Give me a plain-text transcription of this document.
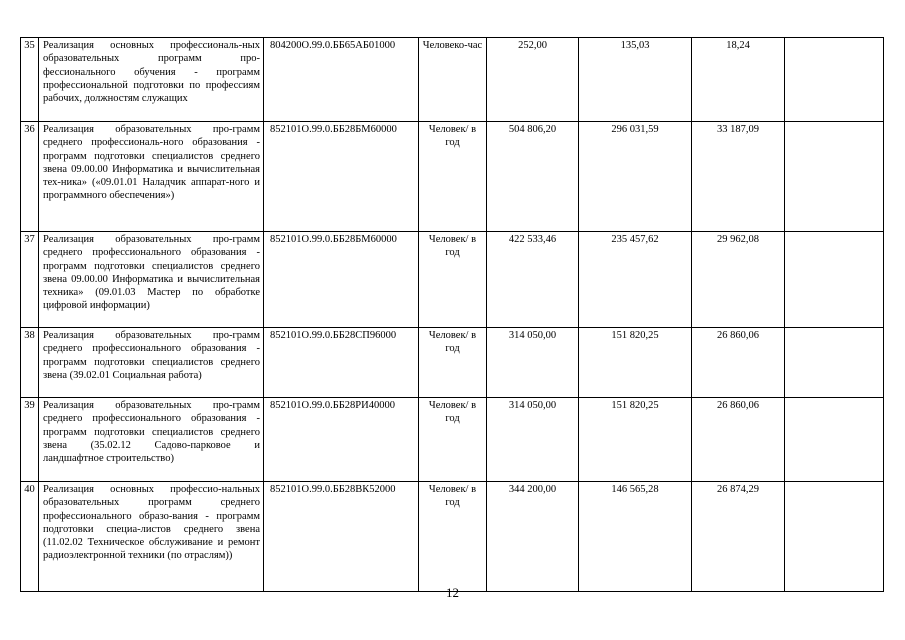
35	Реализация основных профессиональ-ных образовательных программ про-фессионального обучения - программ профессиональной подготовки по профессиям рабочих, должностям служащих	804200О.99.0.ББ65АБ01000	Человеко-час	252,00	135,03	18,24	
36	Реализация образовательных про-грамм среднего профессиональ-ного образования - программ подготовки специалистов среднего звена 09.00.00 Информатика и вычислительная тех-ника» («09.01.01 Наладчик аппарат-ного и программного обеспечения»)	852101О.99.0.ББ28БМ60000	Человек/ в год	504 806,20	296 031,59	33 187,09	
37	Реализация образовательных про-грамм среднего профессионального образования - программ подготовки специалистов среднего звена 09.00.00 Информатика и вычислительная техника» (09.01.03 Мастер по обработке цифровой информации)	852101О.99.0.ББ28БМ60000	Человек/ в год	422 533,46	235 457,62	29 962,08	
38	Реализация образовательных про-грамм среднего профессионального образования - программ подготовки специалистов среднего звена (39.02.01 Социальная работа)	852101О.99.0.ББ28СП96000	Человек/ в год	314 050,00	151 820,25	26 860,06	
39	Реализация образовательных про-грамм среднего профессионального образования - программ подготовки специалистов среднего звена (35.02.12 Садово-парковое и ландшафтное строительство)	852101О.99.0.ББ28РИ40000	Человек/ в год	314 050,00	151 820,25	26 860,06	
40	Реализация основных профессио-нальных образовательных программ среднего профессионального образо-вания - программ подготовки специа-листов среднего звена (11.02.02 Техническое обслуживание и ремонт радиоэлектронной техники (по отраслям))	852101О.99.0.ББ28ВК52000	Человек/ в год	344 200,00	146 565,28	26 874,29	
12
